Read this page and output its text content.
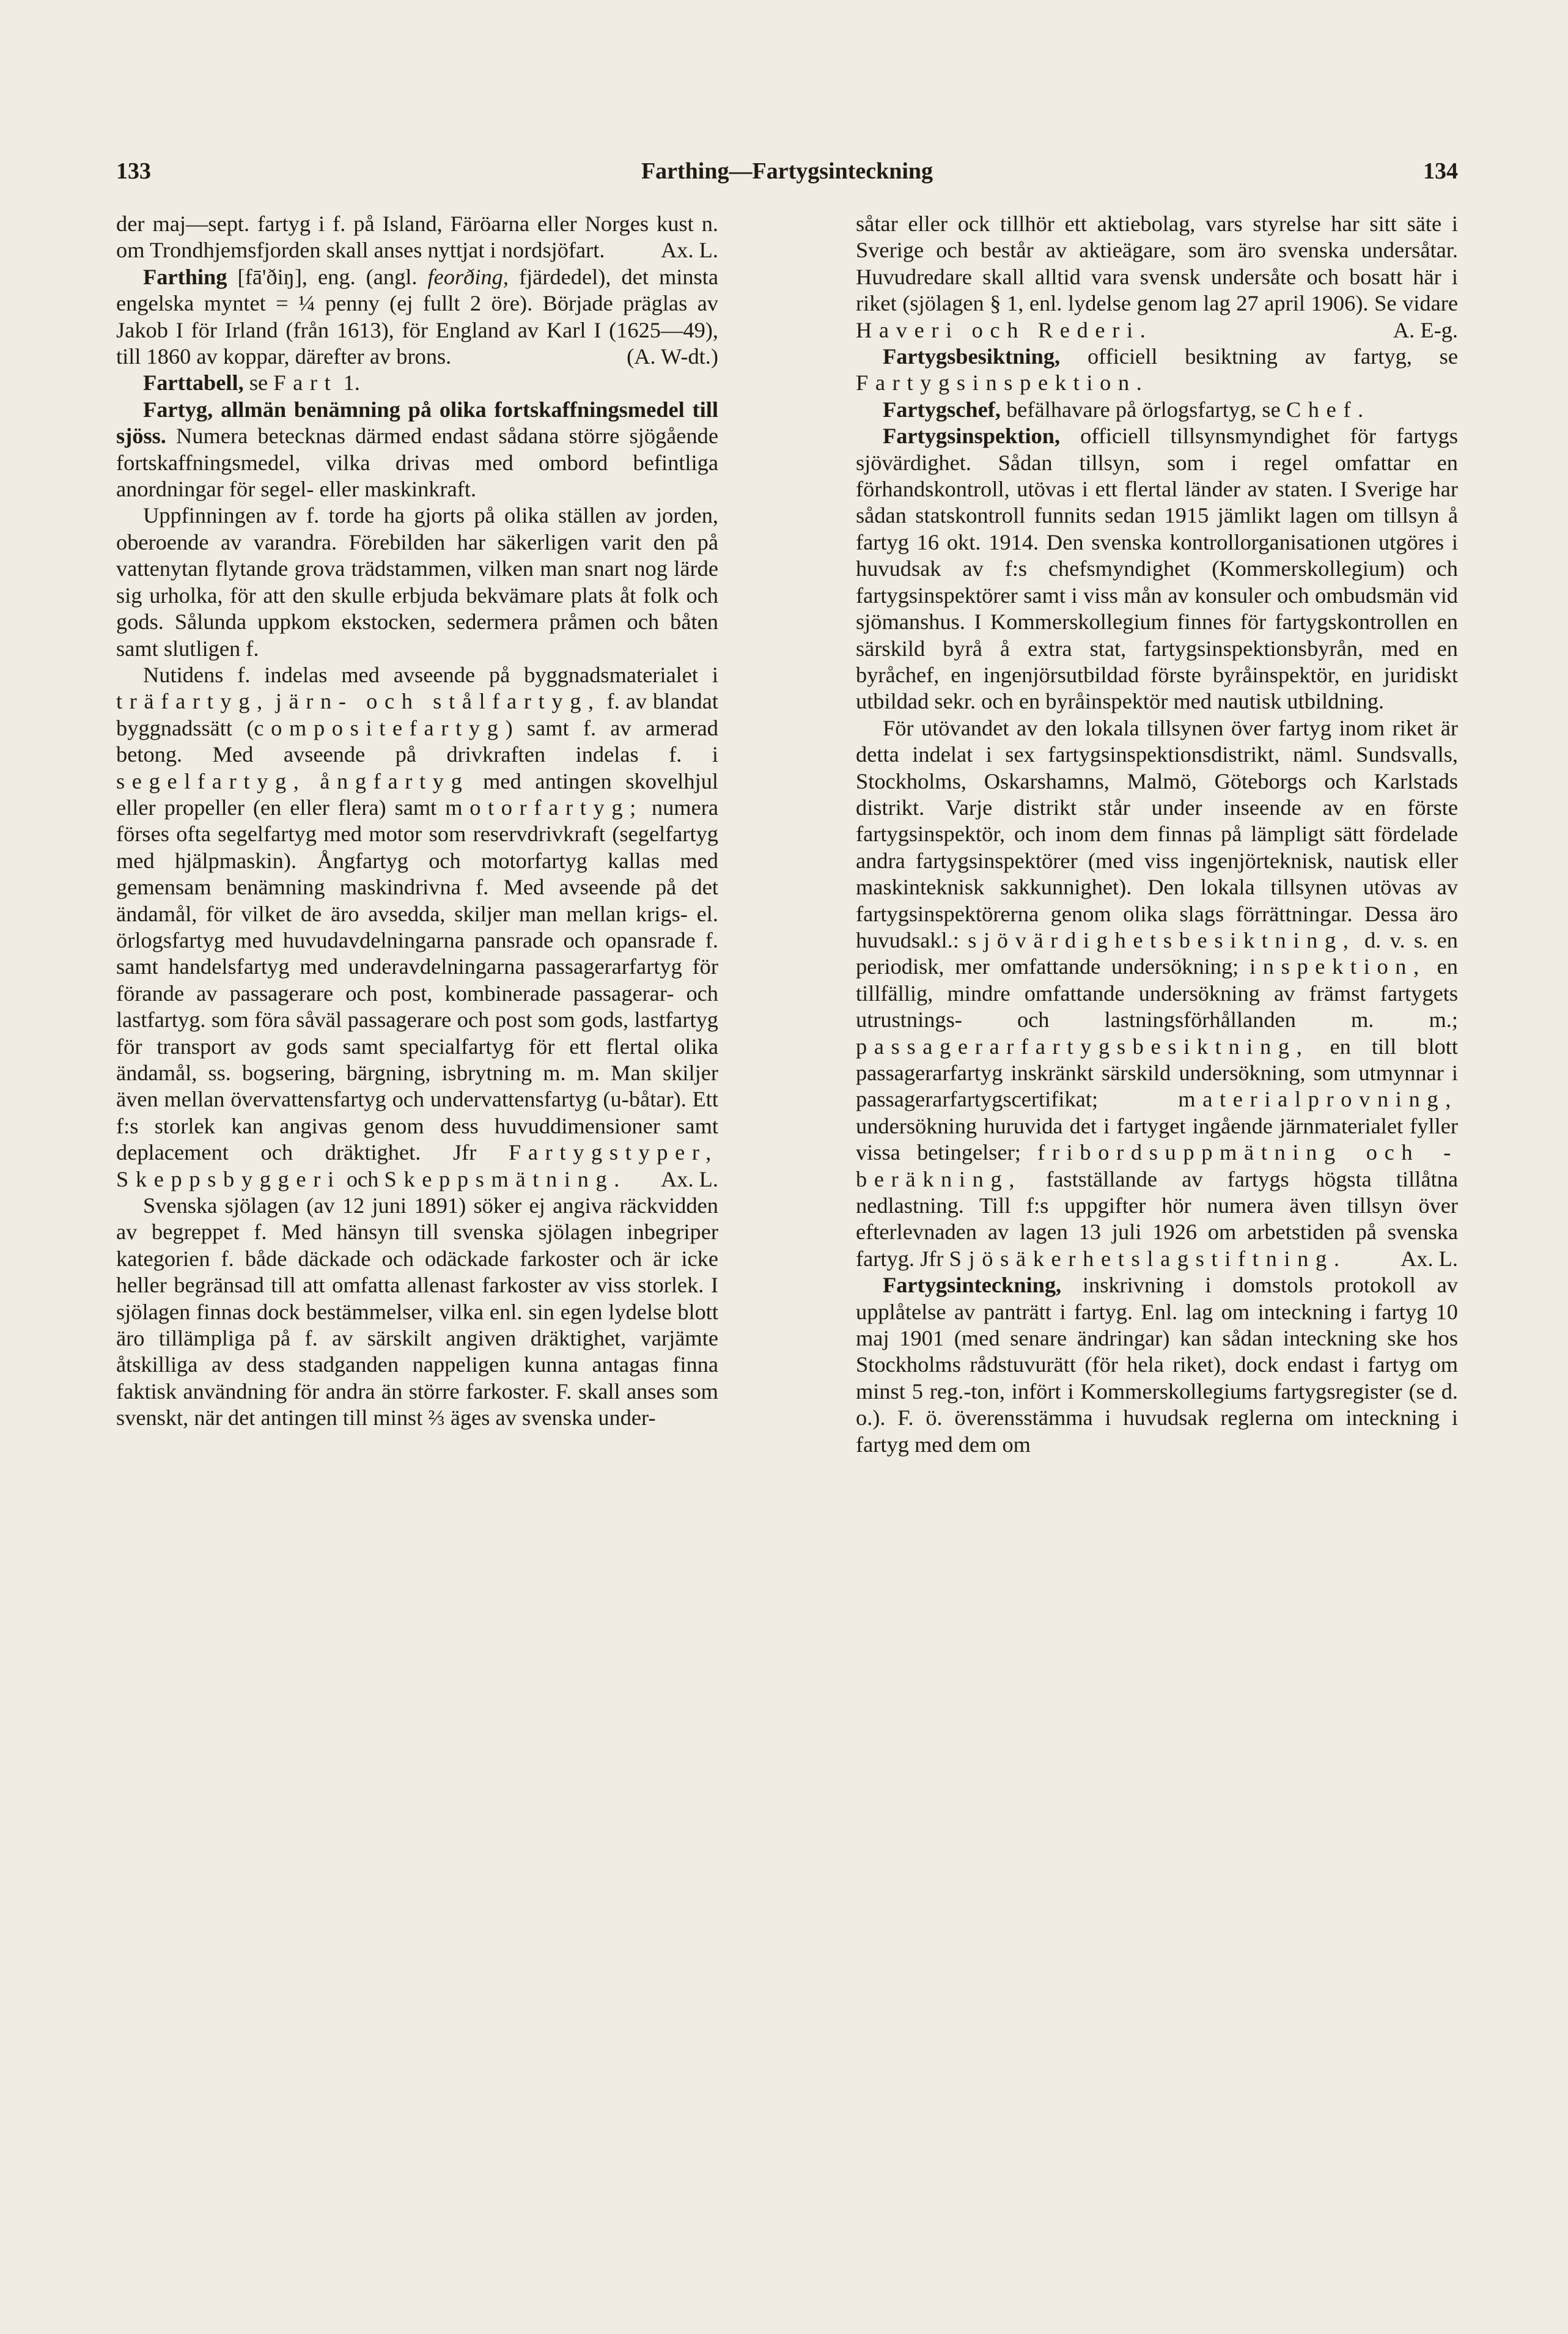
133	Farthing—Fartygsinteckning	134

der maj—sept. fartyg i f. på Island, Färöarna eller Norges kust n. om Trondhjemsfjorden skall anses nyttjat i nordsjöfart.	Ax. L.

Farthing [fā'ðiŋ], eng. (angl. feorðing, fjärdedel), det minsta engelska myntet = ¼ penny (ej fullt 2 öre). Började präglas av Jakob I för Irland (från 1613), för England av Karl I (1625—49), till 1860 av koppar, därefter av brons.	(A. W-dt.)

Farttabell, se Fart 1.

Fartyg, allmän benämning på olika fortskaffningsmedel till sjöss. Numera betecknas därmed endast sådana större sjögående fortskaffningsmedel, vilka drivas med ombord befintliga anordningar för segel- eller maskinkraft.

Uppfinningen av f. torde ha gjorts på olika ställen av jorden, oberoende av varandra. Förebilden har säkerligen varit den på vattenytan flytande grova trädstammen, vilken man snart nog lärde sig urholka, för att den skulle erbjuda bekvämare plats åt folk och gods. Sålunda uppkom ekstocken, sedermera pråmen och båten samt slutligen f.

Nutidens f. indelas med avseende på byggnadsmaterialet i träfartyg, järn- och stålfartyg, f. av blandat byggnadssätt (compositefartyg) samt f. av armerad betong. Med avseende på drivkraften indelas f. i segelfartyg, ångfartyg med antingen skovelhjul eller propeller (en eller flera) samt motorfartyg; numera förses ofta segelfartyg med motor som reservdrivkraft (segelfartyg med hjälpmaskin). Ångfartyg och motorfartyg kallas med gemensam benämning maskindrivna f. Med avseende på det ändamål, för vilket de äro avsedda, skiljer man mellan krigs- el. örlogsfartyg med huvudavdelningarna pansrade och opansrade f. samt handelsfartyg med underavdelningarna passagerarfartyg för förande av passagerare och post, kombinerade passagerar- och lastfartyg. som föra såväl passagerare och post som gods, lastfartyg för transport av gods samt specialfartyg för ett flertal olika ändamål, ss. bogsering, bärgning, isbrytning m. m. Man skiljer även mellan övervattensfartyg och undervattensfartyg (u-båtar). Ett f:s storlek kan angivas genom dess huvuddimensioner samt deplacement och dräktighet. Jfr Fartygstyper, Skeppsbyggeri och Skeppsmätning.	Ax. L.

Svenska sjölagen (av 12 juni 1891) söker ej angiva räckvidden av begreppet f. Med hänsyn till svenska sjölagen inbegriper kategorien f. både däckade och odäckade farkoster och är icke heller begränsad till att omfatta allenast farkoster av viss storlek. I sjölagen finnas dock bestämmelser, vilka enl. sin egen lydelse blott äro tillämpliga på f. av särskilt angiven dräktighet, varjämte åtskilliga av dess stadganden nappeligen kunna antagas finna faktisk användning för andra än större farkoster. F. skall anses som svenskt, när det antingen till minst ⅔ äges av svenska under-

såtar eller ock tillhör ett aktiebolag, vars styrelse har sitt säte i Sverige och består av aktieägare, som äro svenska undersåtar. Huvudredare skall alltid vara svensk undersåte och bosatt här i riket (sjölagen § 1, enl. lydelse genom lag 27 april 1906). Se vidare Haveri och Rederi.	A. E-g.

Fartygsbesiktning, officiell besiktning av fartyg, se Fartygsinspektion.

Fartygschef, befälhavare på örlogsfartyg, se Chef.

Fartygsinspektion, officiell tillsynsmyndighet för fartygs sjövärdighet. Sådan tillsyn, som i regel omfattar en förhandskontroll, utövas i ett flertal länder av staten. I Sverige har sådan statskontroll funnits sedan 1915 jämlikt lagen om tillsyn å fartyg 16 okt. 1914. Den svenska kontrollorganisationen utgöres i huvudsak av f:s chefsmyndighet (Kommerskollegium) och fartygsinspektörer samt i viss mån av konsuler och ombudsmän vid sjömanshus. I Kommerskollegium finnes för fartygskontrollen en särskild byrå å extra stat, fartygsinspektionsbyrån, med en byråchef, en ingenjörsutbildad förste byråinspektör, en juridiskt utbildad sekr. och en byråinspektör med nautisk utbildning.

För utövandet av den lokala tillsynen över fartyg inom riket är detta indelat i sex fartygsinspektionsdistrikt, näml. Sundsvalls, Stockholms, Oskarshamns, Malmö, Göteborgs och Karlstads distrikt. Varje distrikt står under inseende av en förste fartygsinspektör, och inom dem finnas på lämpligt sätt fördelade andra fartygsinspektörer (med viss ingenjörteknisk, nautisk eller maskinteknisk sakkunnighet). Den lokala tillsynen utövas av fartygsinspektörerna genom olika slags förrättningar. Dessa äro huvudsakl.: sjövärdighetsbesiktning, d. v. s. en periodisk, mer omfattande undersökning; inspektion, en tillfällig, mindre omfattande undersökning av främst fartygets utrustnings- och lastningsförhållanden m. m.; passagerarfartygsbesiktning, en till blott passagerarfartyg inskränkt särskild undersökning, som utmynnar i passagerarfartygscertifikat; materialprovning, undersökning huruvida det i fartyget ingående järnmaterialet fyller vissa betingelser; fribordsuppmätning och -beräkning, fastställande av fartygs högsta tillåtna nedlastning. Till f:s uppgifter hör numera även tillsyn över efterlevnaden av lagen 13 juli 1926 om arbetstiden på svenska fartyg. Jfr Sjösäkerhetslagstiftning.	Ax. L.

Fartygsinteckning, inskrivning i domstols protokoll av upplåtelse av panträtt i fartyg. Enl. lag om inteckning i fartyg 10 maj 1901 (med senare ändringar) kan sådan inteckning ske hos Stockholms rådstuvurätt (för hela riket), dock endast i fartyg om minst 5 reg.-ton, infört i Kommerskollegiums fartygsregister (se d. o.). F. ö. överensstämma i huvudsak reglerna om inteckning i fartyg med dem om
